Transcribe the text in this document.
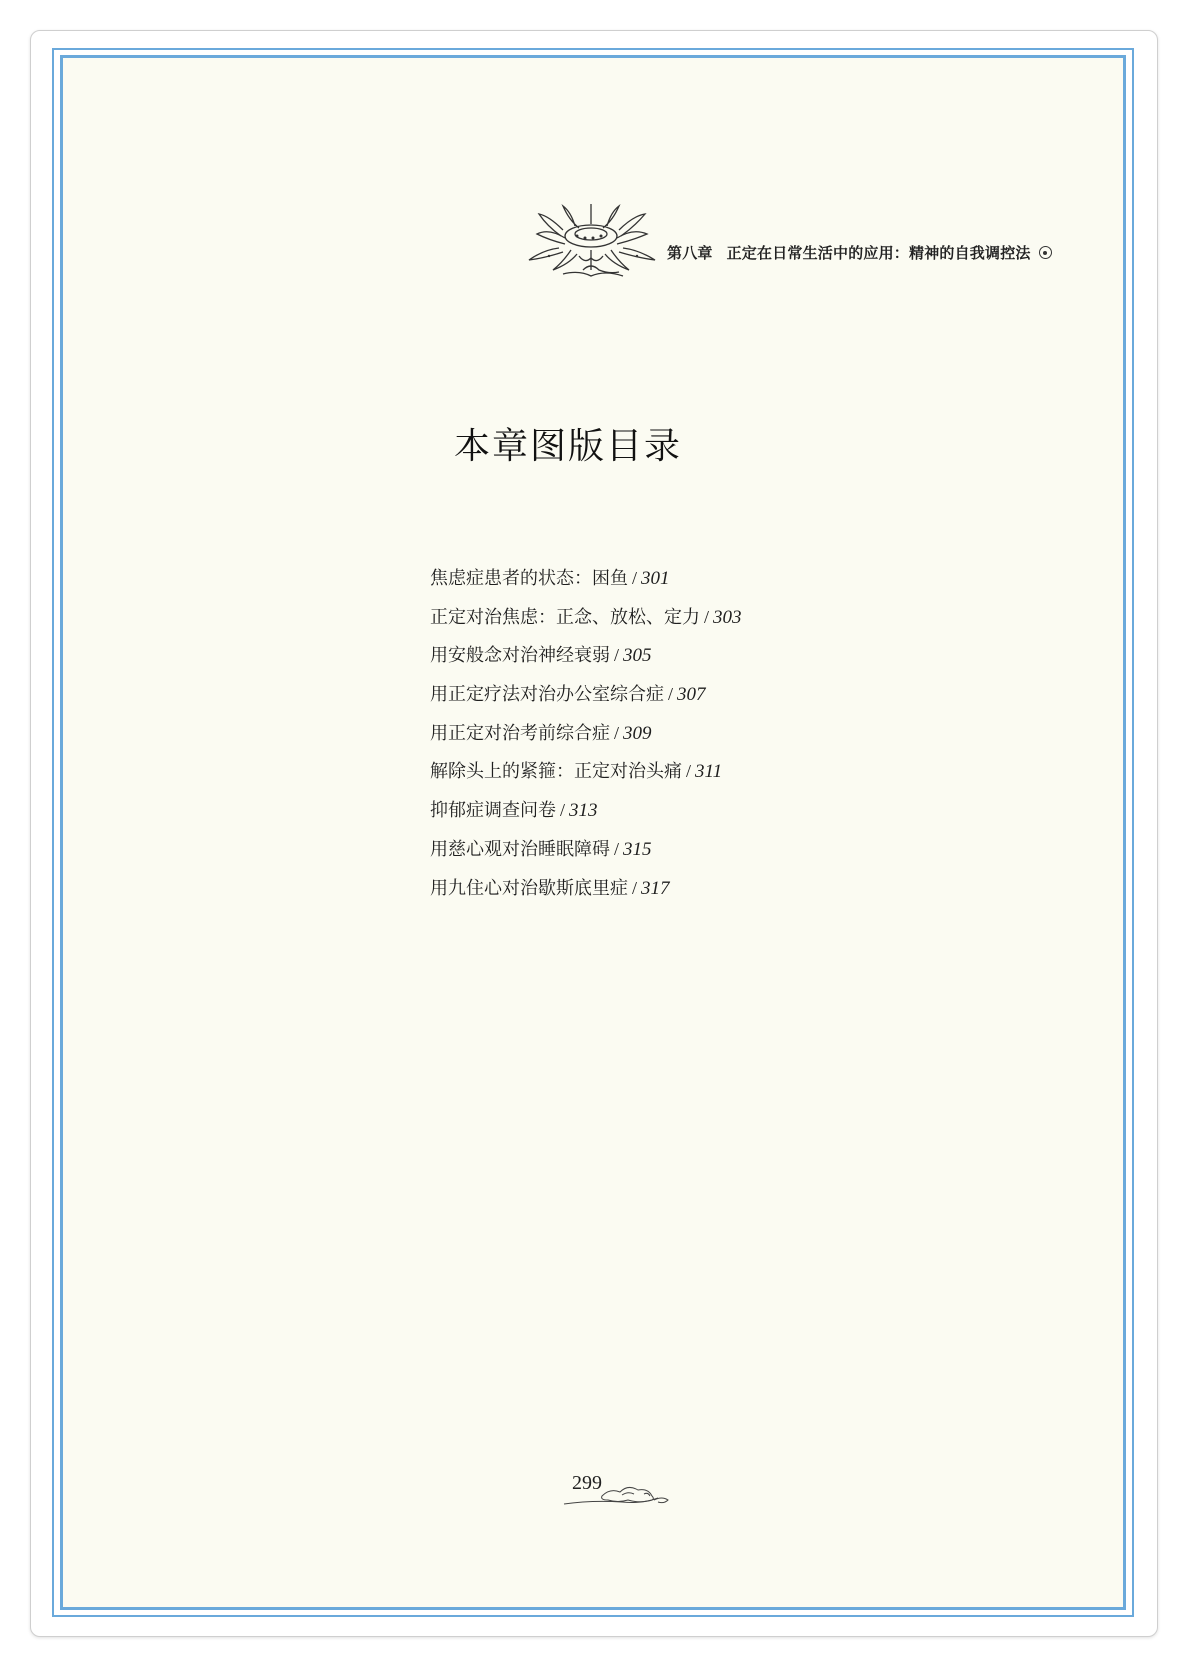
第八章 正定在日常生活中的应用：精神的自我调控法
本章图版目录
焦虑症患者的状态：困鱼 / 301
正定对治焦虑：正念、放松、定力 / 303
用安般念对治神经衰弱 / 305
用正定疗法对治办公室综合症 / 307
用正定对治考前综合症 / 309
解除头上的紧箍：正定对治头痛 / 311
抑郁症调查问卷 / 313
用慈心观对治睡眠障碍 / 315
用九住心对治歇斯底里症 / 317
299
